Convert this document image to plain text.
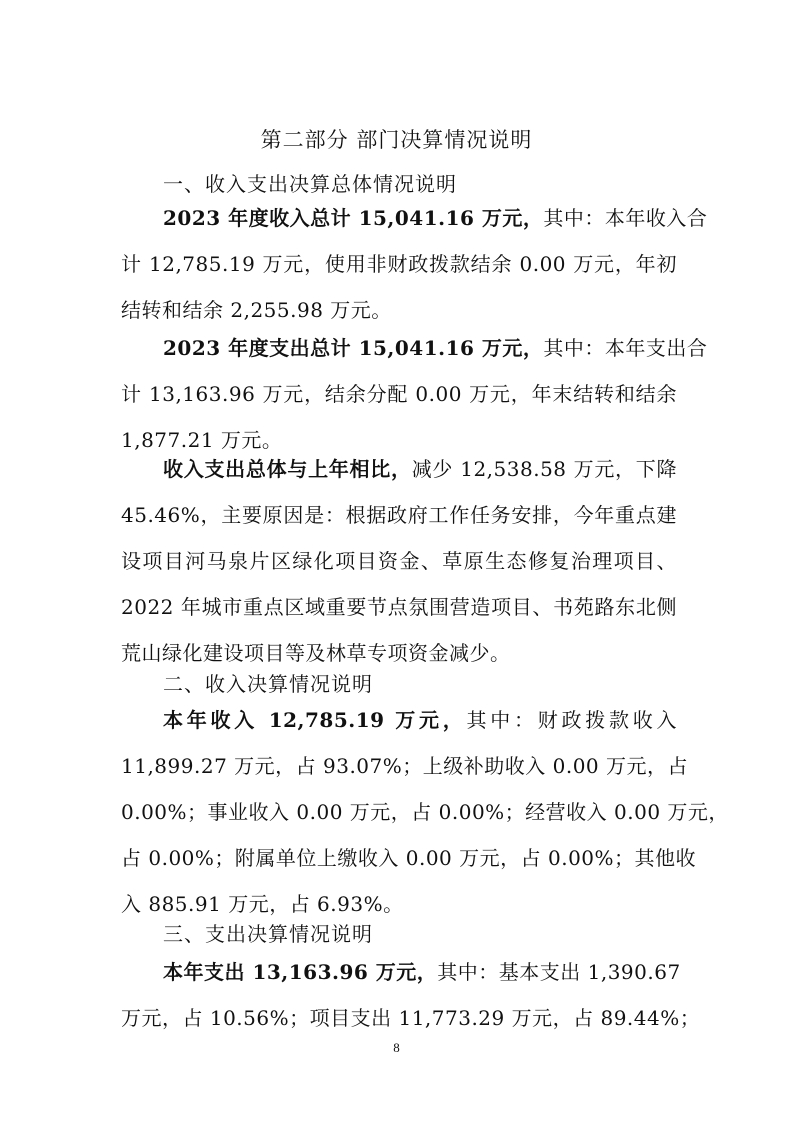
第二部分 部门决算情况说明
一、收入支出决算总体情况说明
2023 年度收入总计 15,041.16 万元，其中：本年收入合
计 12,785.19 万元，使用非财政拨款结余 0.00 万元，年初
结转和结余 2,255.98 万元。
2023 年度支出总计 15,041.16 万元，其中：本年支出合
计 13,163.96 万元，结余分配 0.00 万元，年末结转和结余
1,877.21 万元。
收入支出总体与上年相比，减少 12,538.58 万元，下降
45.46%，主要原因是：根据政府工作任务安排，今年重点建
设项目河马泉片区绿化项目资金、草原生态修复治理项目、
2022 年城市重点区域重要节点氛围营造项目、书苑路东北侧
荒山绿化建设项目等及林草专项资金减少。
二、收入决算情况说明
本年收入 12,785.19 万元，其中：财政拨款收入
11,899.27 万元，占 93.07%；上级补助收入 0.00 万元，占
0.00%；事业收入 0.00 万元，占 0.00%；经营收入 0.00 万元，
占 0.00%；附属单位上缴收入 0.00 万元，占 0.00%；其他收
入 885.91 万元，占 6.93%。
三、支出决算情况说明
本年支出 13,163.96 万元，其中：基本支出 1,390.67
万元，占 10.56%；项目支出 11,773.29 万元，占 89.44%；
8
